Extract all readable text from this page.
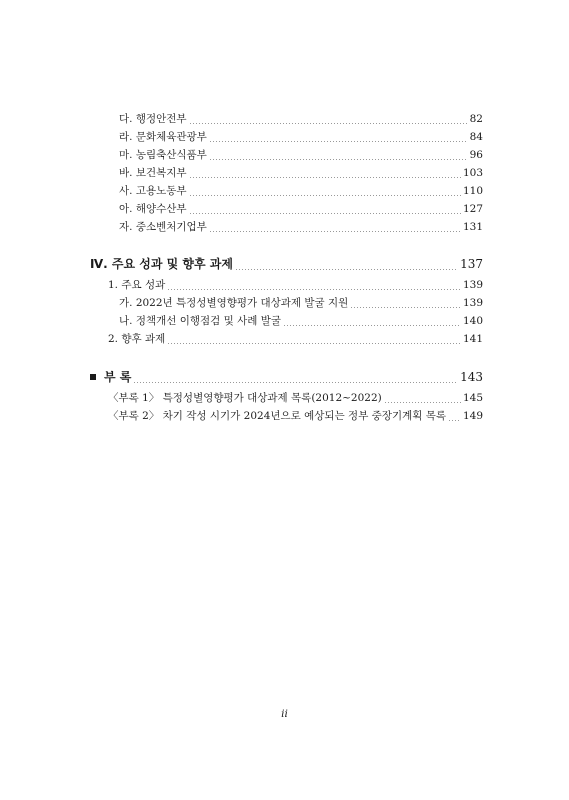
다. 행정안전부	82
라. 문화체육관광부	84
마. 농림축산식품부	96
바. 보건복지부	103
사. 고용노동부	110
아. 해양수산부	127
자. 중소벤처기업부	131
Ⅳ. 주요 성과 및 향후 과제	137
1. 주요 성과	139
가. 2022년 특정성별영향평가 대상과제 발굴 지원	139
나. 정책개선 이행점검 및 사례 발굴	140
2. 향후 과제	141
부 록	143
〈부록 1〉 특정성별영향평가 대상과제 목록(2012~2022)	145
〈부록 2〉 차기 작성 시기가 2024년으로 예상되는 정부 중장기계획 목록 149
ii
